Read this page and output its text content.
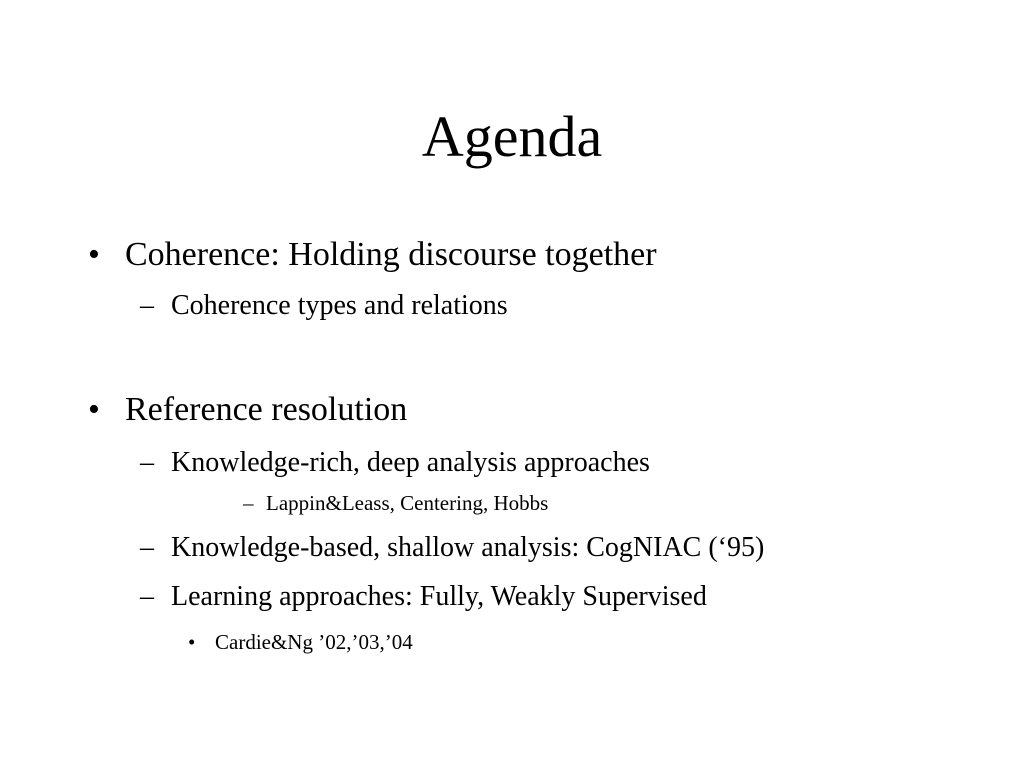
Agenda
• Coherence: Holding discourse together
– Coherence types and relations
• Reference resolution
– Knowledge-rich, deep analysis approaches
– Lappin&Leass, Centering, Hobbs
– Knowledge-based, shallow analysis: CogNIAC (‘95)
– Learning approaches: Fully, Weakly Supervised
• Cardie&Ng ’02,’03,’04
